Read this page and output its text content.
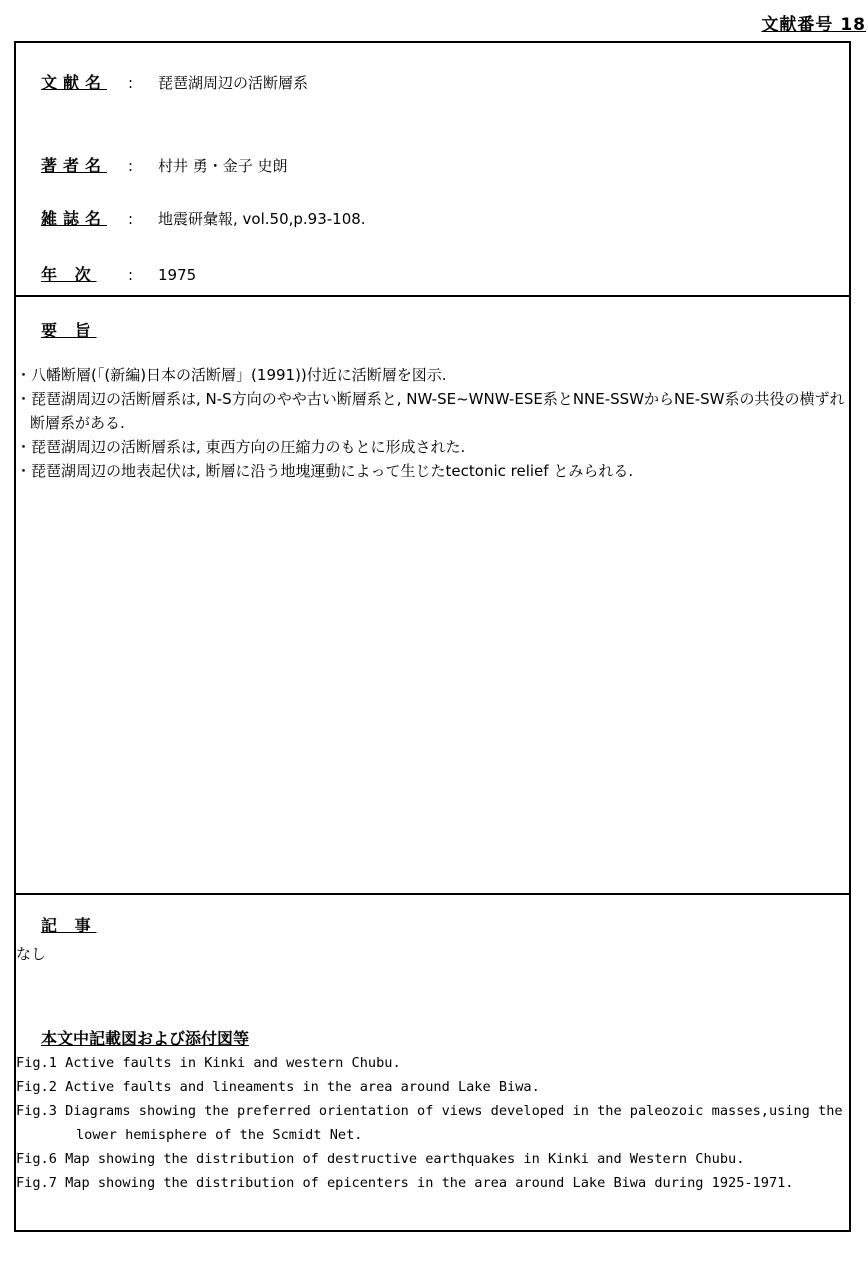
文献番号 18
文献名	:	琵琶湖周辺の活断層系
著者名	:	村井 勇・金子 史朗
雑誌名	:	地震研彙報, vol.50,p.93-108.
年 次	:	1975
要 旨
・八幡断層(「(新編)日本の活断層」(1991))付近に活断層を図示.
・琵琶湖周辺の活断層系は, N-S方向のやや古い断層系と, NW-SE~WNW-ESE系とNNE-SSWからNE-SW系の共役の横ずれ断層系がある.
・琵琶湖周辺の活断層系は, 東西方向の圧縮力のもとに形成された.
・琵琶湖周辺の地表起伏は, 断層に沿う地塊運動によって生じたtectonic relief とみられる.
記 事
なし
本文中記載図および添付図等
Fig.1 Active faults in Kinki and western Chubu.
Fig.2 Active faults and lineaments in the area around Lake Biwa.
Fig.3 Diagrams showing the preferred orientation of views developed in the paleozoic masses,using the lower hemisphere of the Scmidt Net.
Fig.6 Map showing the distribution of destructive earthquakes in Kinki and Western Chubu.
Fig.7 Map showing the distribution of epicenters in the area around Lake Biwa during 1925-1971.
